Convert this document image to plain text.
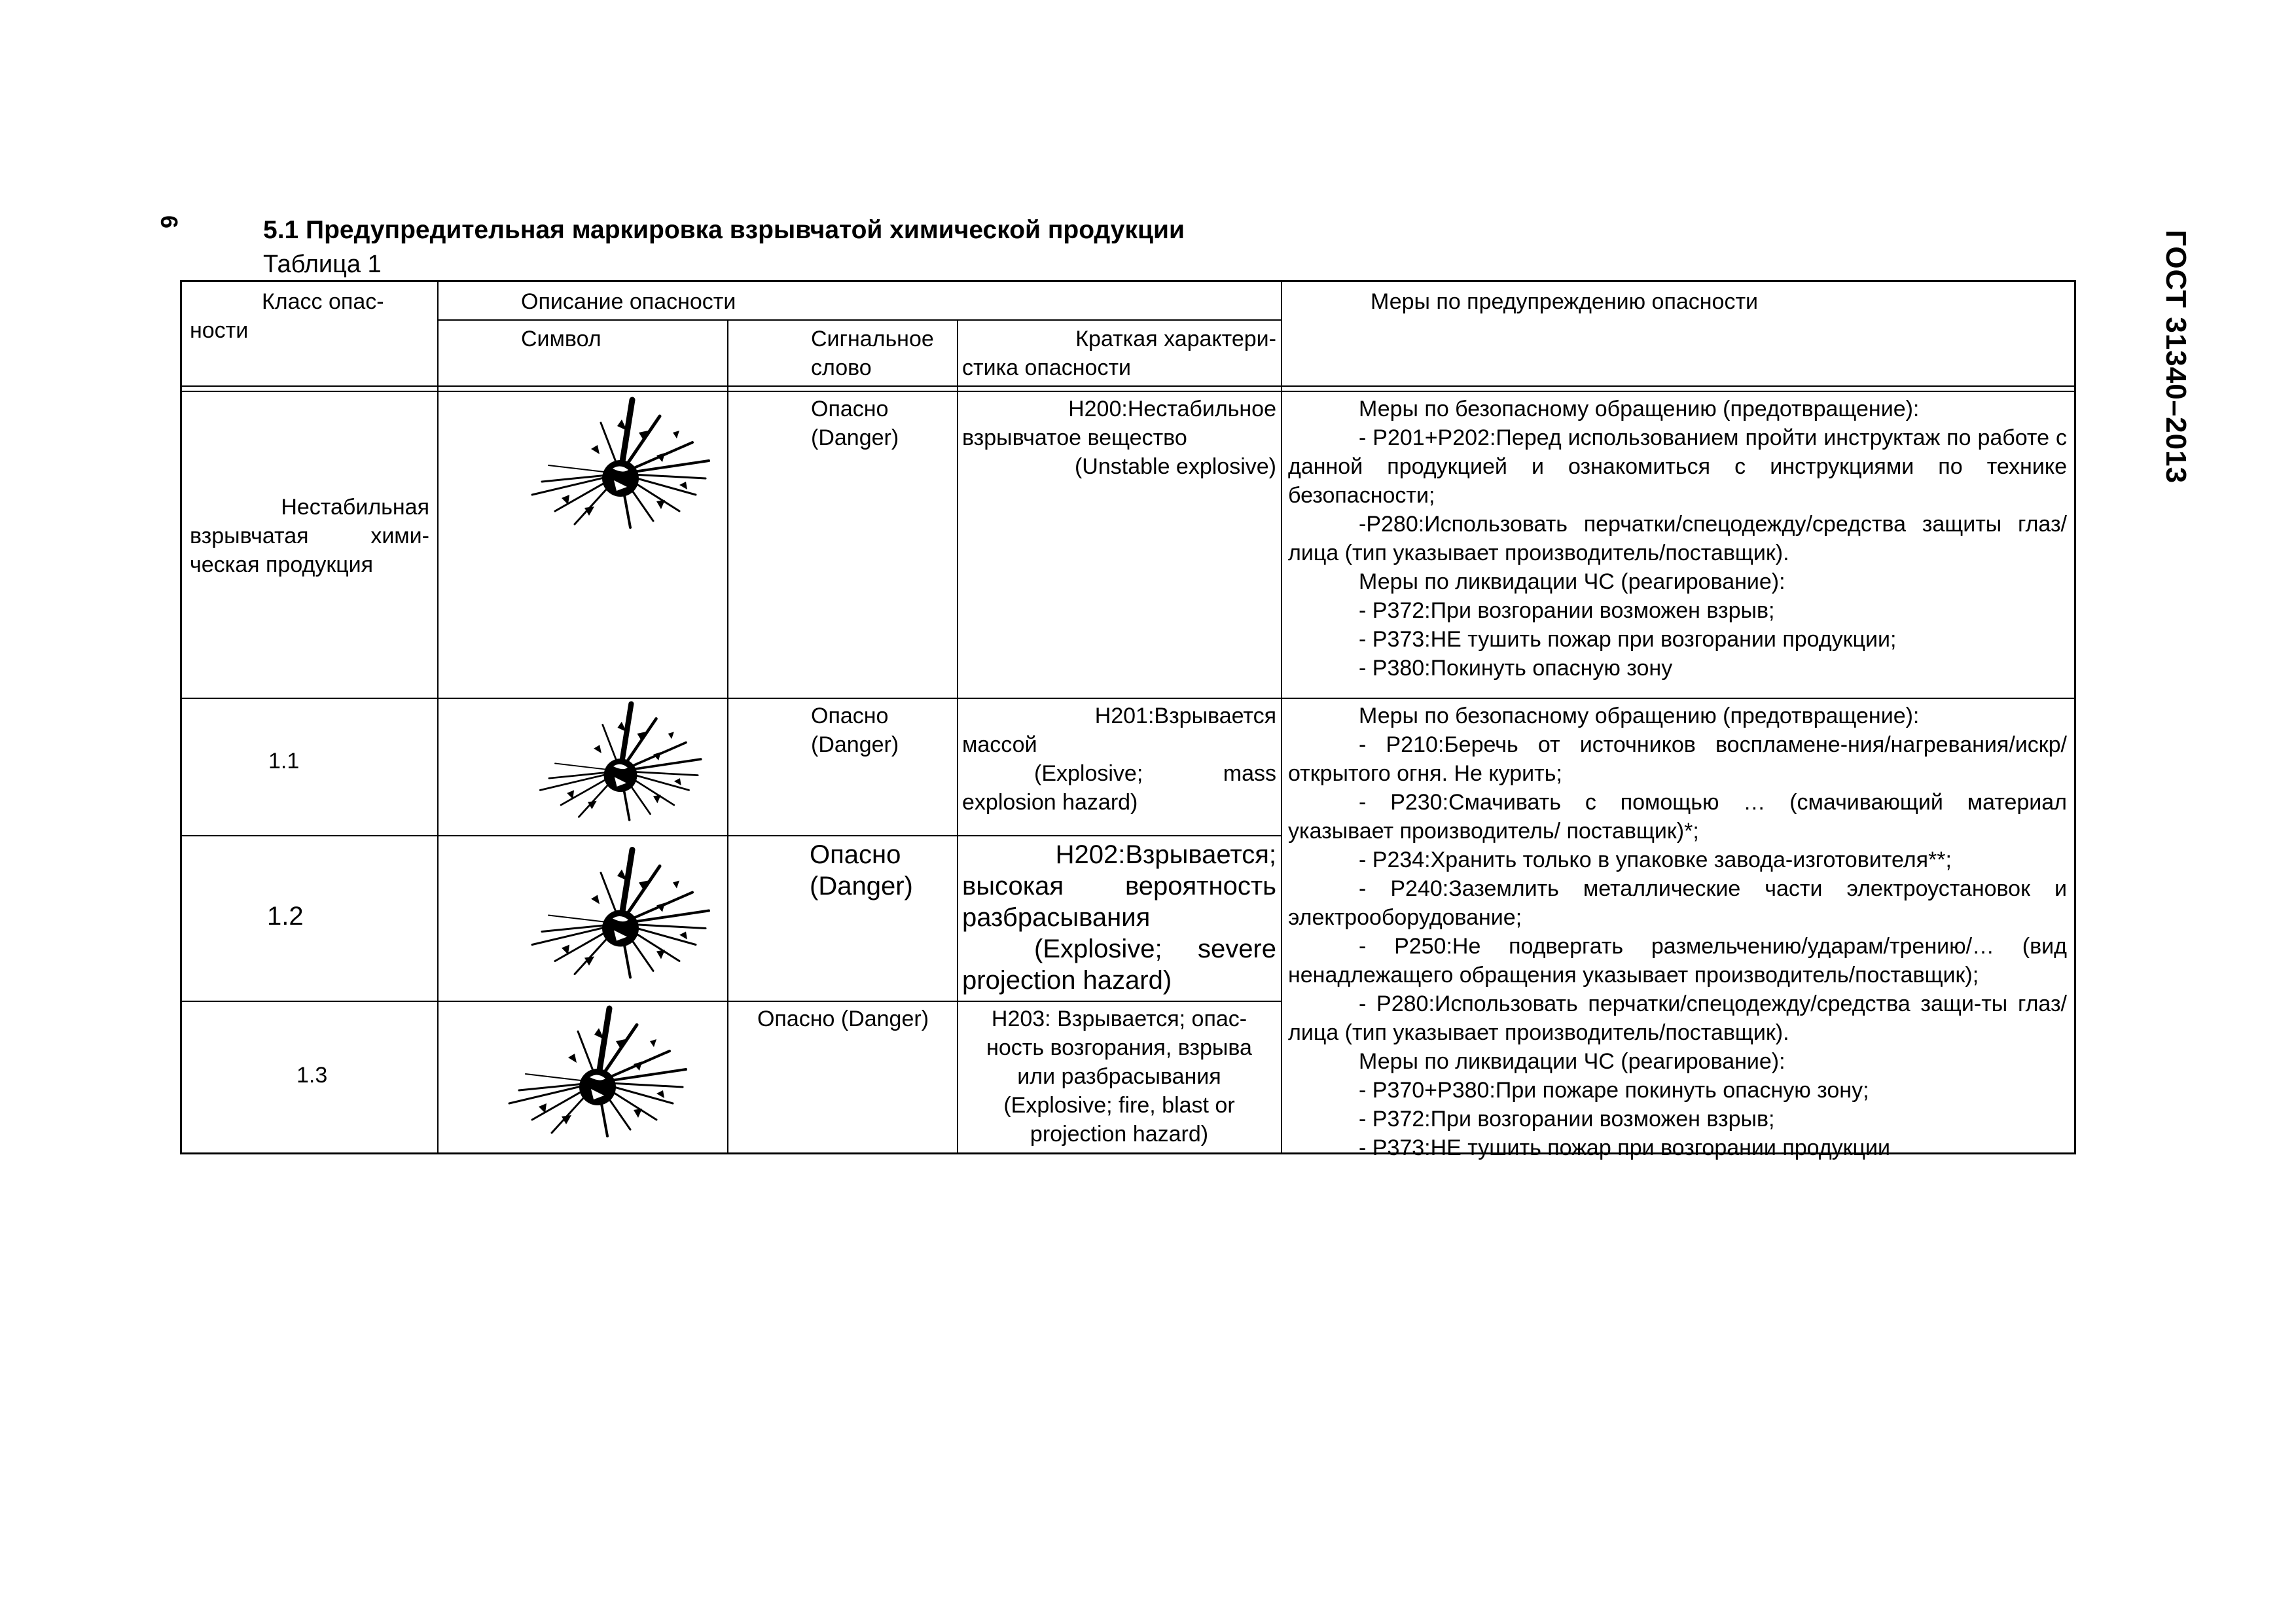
6
ГОСТ 31340–2013
5.1 Предупредительная маркировка взрывчатой химической продукции
Таблица 1

Класс опас-

ности

Описание опасности
Символ	Сигнальное

слово

Краткая характери-

стика опасности

Меры по предупреждению опасности

Нестабильная

взрывчатая хими-

ческая продукция

Опасно

(Danger)

Н200:Нестабильное

взрывчатое вещество

(Unstable explosive)

Меры по безопасному обращению (предотвращение):

- Р201+Р202:Перед использованием пройти инструктаж по работе с данной продукцией и ознакомиться с инструкциями по технике безопасности;

-Р280:Использовать перчатки/спецодежду/средства защиты глаз/лица (тип указывает производитель/поставщик).

Меры по ликвидации ЧС (реагирование):

- Р372:При возгорании возможен взрыв;

- Р373:НЕ тушить пожар при возгорании продукции;

- Р380:Покинуть опасную зону

1.1

Опасно

(Danger)

Н201:Взрывается

массой

(Explosive; mass

explosion hazard)

1.2

Опасно

(Danger)

Н202:Взрывается;

высокая вероятность

разбрасывания

(Explosive; severe

projection hazard)

1.3
Опасно (Danger)	Н203: Взрывается; опас-

ность возгорания, взрыва

или разбрасывания

(Explosive; fire, blast or

projection hazard)

Меры по безопасному обращению (предотвращение):

- Р210:Беречь от источников воспламене-ния/нагревания/искр/открытого огня. Не курить;

- Р230:Смачивать с помощью … (смачивающий материал указывает производитель/ поставщик)*;

- Р234:Хранить только в упаковке завода-изготовителя**;

- Р240:Заземлить металлические части электроустановок и электрооборудование;

- Р250:Не подвергать размельчению/ударам/трению/… (вид ненадлежащего обращения указывает производитель/поставщик);

- Р280:Использовать перчатки/спецодежду/средства защи-ты глаз/лица (тип указывает производитель/поставщик).

Меры по ликвидации ЧС (реагирование):

- Р370+Р380:При пожаре покинуть опасную зону;

- Р372:При возгорании возможен взрыв;

- Р373:НЕ тушить пожар при возгорании продукции
